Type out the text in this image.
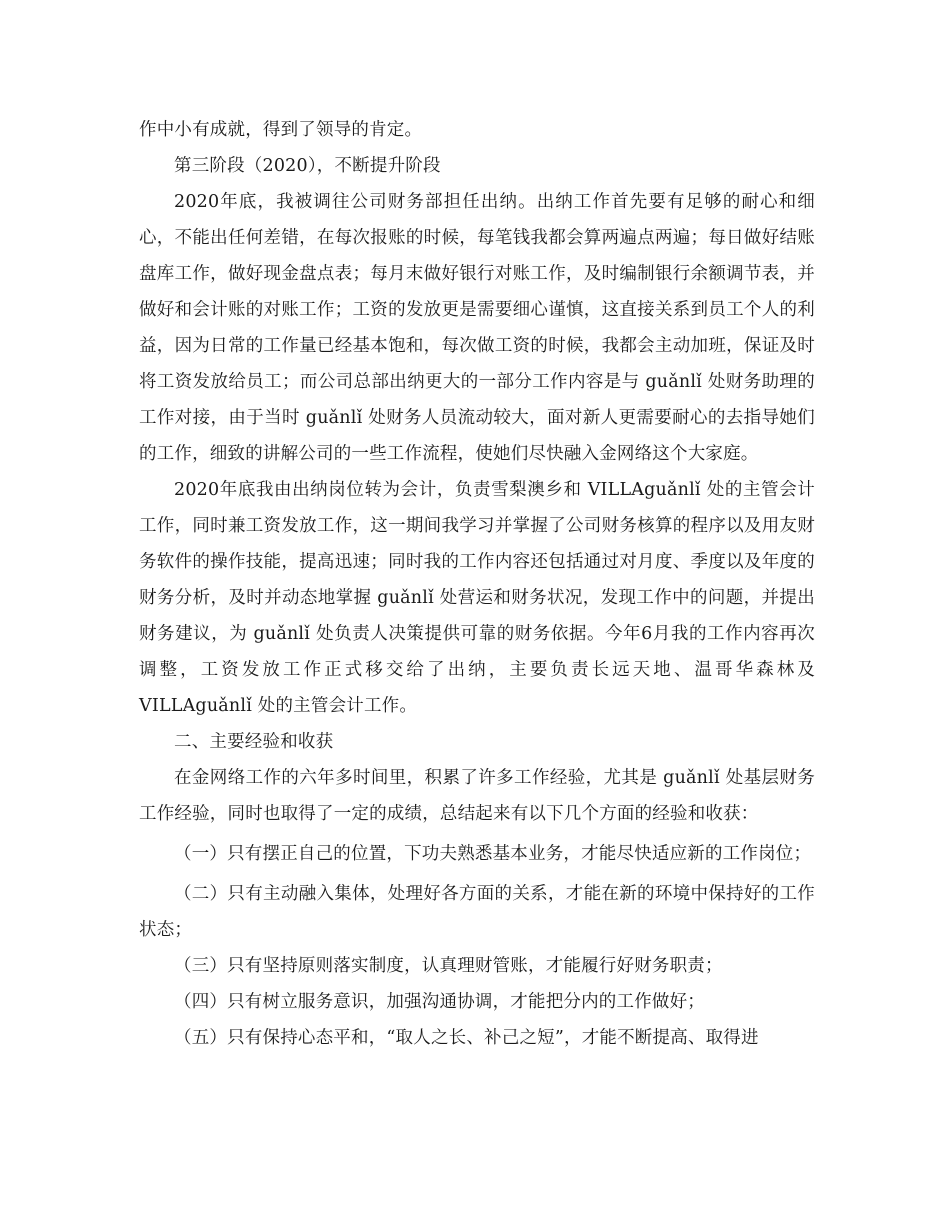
作中小有成就，得到了领导的肯定。

第三阶段（2020），不断提升阶段

2020年底，我被调往公司财务部担任出纳。出纳工作首先要有足够的耐心和细心，不能出任何差错，在每次报账的时候，每笔钱我都会算两遍点两遍；每日做好结账盘库工作，做好现金盘点表；每月末做好银行对账工作，及时编制银行余额调节表，并做好和会计账的对账工作；工资的发放更是需要细心谨慎，这直接关系到员工个人的利益，因为日常的工作量已经基本饱和，每次做工资的时候，我都会主动加班，保证及时将工资发放给员工；而公司总部出纳更大的一部分工作内容是与 guǎnlǐ 处财务助理的工作对接，由于当时 guǎnlǐ 处财务人员流动较大，面对新人更需要耐心的去指导她们的工作，细致的讲解公司的一些工作流程，使她们尽快融入金网络这个大家庭。

2020年底我由出纳岗位转为会计，负责雪梨澳乡和 VILLAguǎnlǐ 处的主管会计工作，同时兼工资发放工作，这一期间我学习并掌握了公司财务核算的程序以及用友财务软件的操作技能，提高迅速；同时我的工作内容还包括通过对月度、季度以及年度的财务分析，及时并动态地掌握 guǎnlǐ 处营运和财务状况，发现工作中的问题，并提出财务建议，为 guǎnlǐ 处负责人决策提供可靠的财务依据。今年6月我的工作内容再次调整，工资发放工作正式移交给了出纳，主要负责长远天地、温哥华森林及 VILLAguǎnlǐ 处的主管会计工作。

二、主要经验和收获

在金网络工作的六年多时间里，积累了许多工作经验，尤其是 guǎnlǐ 处基层财务工作经验，同时也取得了一定的成绩，总结起来有以下几个方面的经验和收获：

（一）只有摆正自己的位置，下功夫熟悉基本业务，才能尽快适应新的工作岗位；

（二）只有主动融入集体，处理好各方面的关系，才能在新的环境中保持好的工作状态；

（三）只有坚持原则落实制度，认真理财管账，才能履行好财务职责；

（四）只有树立服务意识，加强沟通协调，才能把分内的工作做好；

（五）只有保持心态平和，“取人之长、补己之短”，才能不断提高、取得进
